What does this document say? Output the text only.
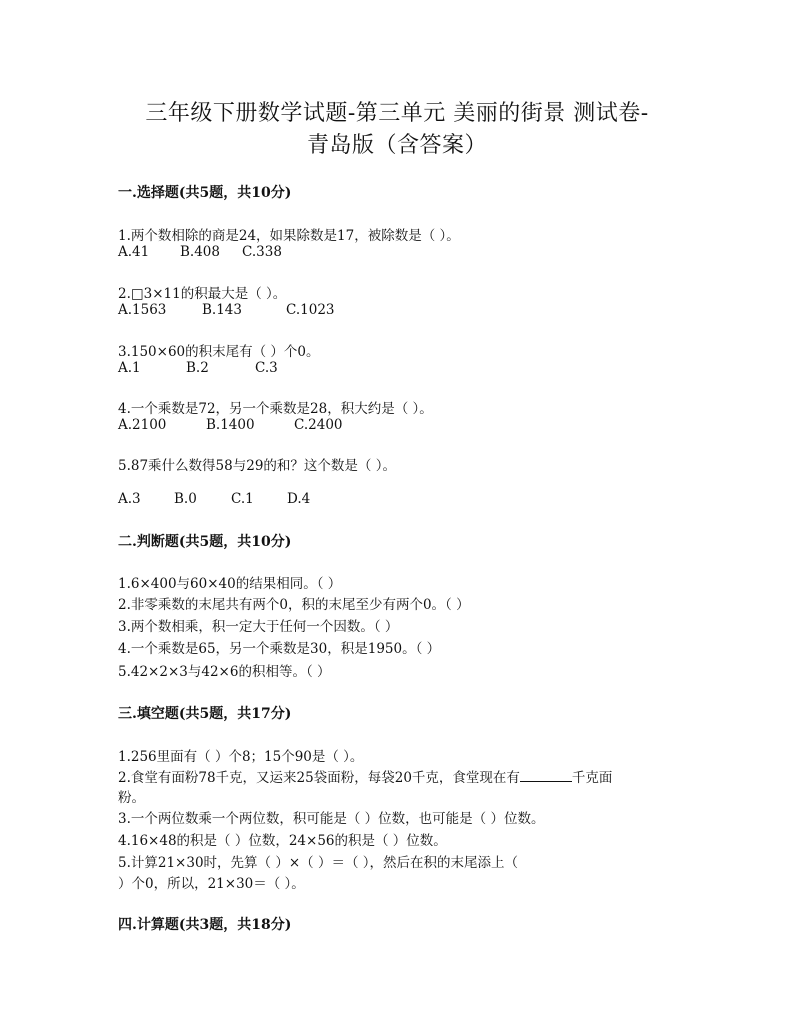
三年级下册数学试题-第三单元 美丽的街景 测试卷-
青岛版（含答案）
一.选择题(共5题，共10分)
1.两个数相除的商是24，如果除数是17，被除数是（ ）。
A.41	B.408	C.338
2.□3×11的积最大是（ ）。
A.1563	B.143	C.1023
3.150×60的积末尾有（ ）个0。
A.1	B.2	C.3
4.一个乘数是72，另一个乘数是28，积大约是（ ）。
A.2100	B.1400	C.2400
5.87乘什么数得58与29的和？这个数是（ ）。
A.3	B.0	C.1	D.4
二.判断题(共5题，共10分)
1.6×400与60×40的结果相同。（ ）
2.非零乘数的末尾共有两个0，积的末尾至少有两个0。（ ）
3.两个数相乘，积一定大于任何一个因数。（ ）
4.一个乘数是65，另一个乘数是30，积是1950。（ ）
5.42×2×3与42×6的积相等。（ ）
三.填空题(共5题，共17分)
1.256里面有（ ）个8；15个90是（ ）。
2.食堂有面粉78千克，又运来25袋面粉，每袋20千克，食堂现在有	千克面
粉。
3.一个两位数乘一个两位数，积可能是（ ）位数，也可能是（ ）位数。
4.16×48的积是（ ）位数，24×56的积是（ ）位数。
5.计算21×30时，先算（ ）×（ ）＝（ ），然后在积的末尾添上（
）个0，所以，21×30＝（ ）。
四.计算题(共3题，共18分)
